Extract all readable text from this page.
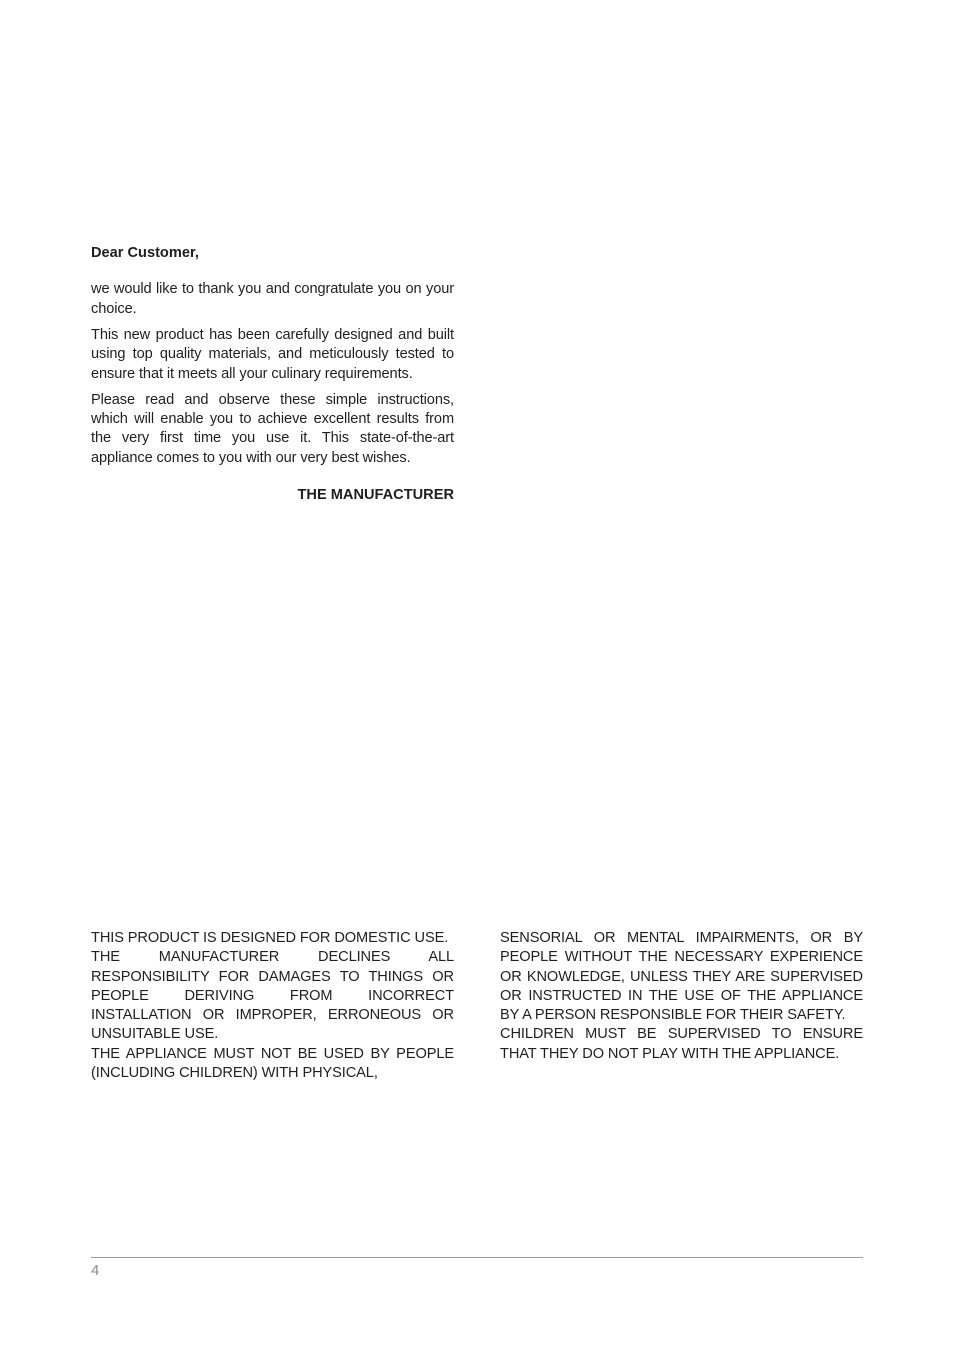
Dear Customer,

we would like to thank you and congratulate you on your choice.

This new product has been carefully designed and built using top quality materials, and meticulously tested to ensure that it meets all your culinary requirements.

Please read and observe these simple instructions, which will enable you to achieve excellent results from the very first time you use it. This state-of-the-art appliance comes to you with our very best wishes.

THE MANUFACTURER

THIS PRODUCT IS DESIGNED FOR DOMESTIC USE.

THE MANUFACTURER DECLINES ALL RESPONSIBILITY FOR DAMAGES TO THINGS OR PEOPLE DERIVING FROM INCORRECT INSTALLATION OR IMPROPER, ERRONEOUS OR UNSUITABLE USE.

THE APPLIANCE MUST NOT BE USED BY PEOPLE (INCLUDING CHILDREN) WITH PHYSICAL,

SENSORIAL OR MENTAL IMPAIRMENTS, OR BY PEOPLE WITHOUT THE NECESSARY EXPERIENCE OR KNOWLEDGE, UNLESS THEY ARE SUPERVISED OR INSTRUCTED IN THE USE OF THE APPLIANCE BY A PERSON RESPONSIBLE FOR THEIR SAFETY.

CHILDREN MUST BE SUPERVISED TO ENSURE THAT THEY DO NOT PLAY WITH THE APPLIANCE.

4
